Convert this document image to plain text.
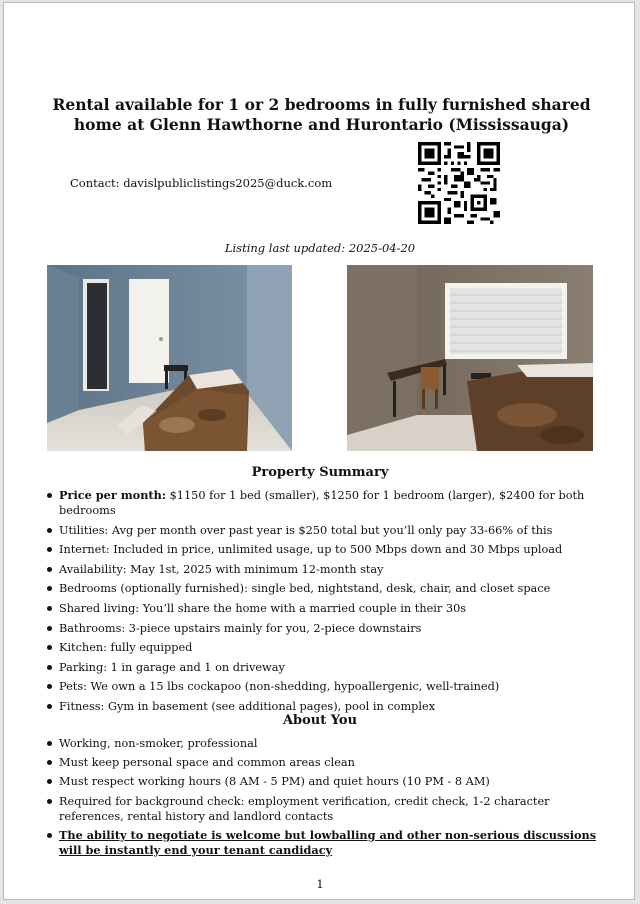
Rental available for 1 or 2 bedrooms in fully furnished shared home at Glenn Hawthorne and Hurontario (Mississauga)
Contact: davislpubliclistings2025@duck.com
Listing last updated: 2025-04-20
Property Summary
Price per month: $1150 for 1 bed (smaller), $1250 for 1 bedroom (larger), $2400 for both bedrooms
Utilities: Avg per month over past year is $250 total but you’ll only pay 33-66% of this
Internet: Included in price, unlimited usage, up to 500 Mbps down and 30 Mbps upload
Availability: May 1st, 2025 with minimum 12-month stay
Bedrooms (optionally furnished): single bed, nightstand, desk, chair, and closet space
Shared living: You’ll share the home with a married couple in their 30s
Bathrooms: 3-piece upstairs mainly for you, 2-piece downstairs
Kitchen: fully equipped
Parking: 1 in garage and 1 on driveway
Pets: We own a 15 lbs cockapoo (non-shedding, hypoallergenic, well-trained)
Fitness: Gym in basement (see additional pages), pool in complex
About You
Working, non-smoker, professional
Must keep personal space and common areas clean
Must respect working hours (8 AM - 5 PM) and quiet hours (10 PM - 8 AM)
Required for background check: employment verification, credit check, 1-2 character references, rental history and landlord contacts
The ability to negotiate is welcome but lowballing and other non-serious discussions will be instantly end your tenant candidacy
1
